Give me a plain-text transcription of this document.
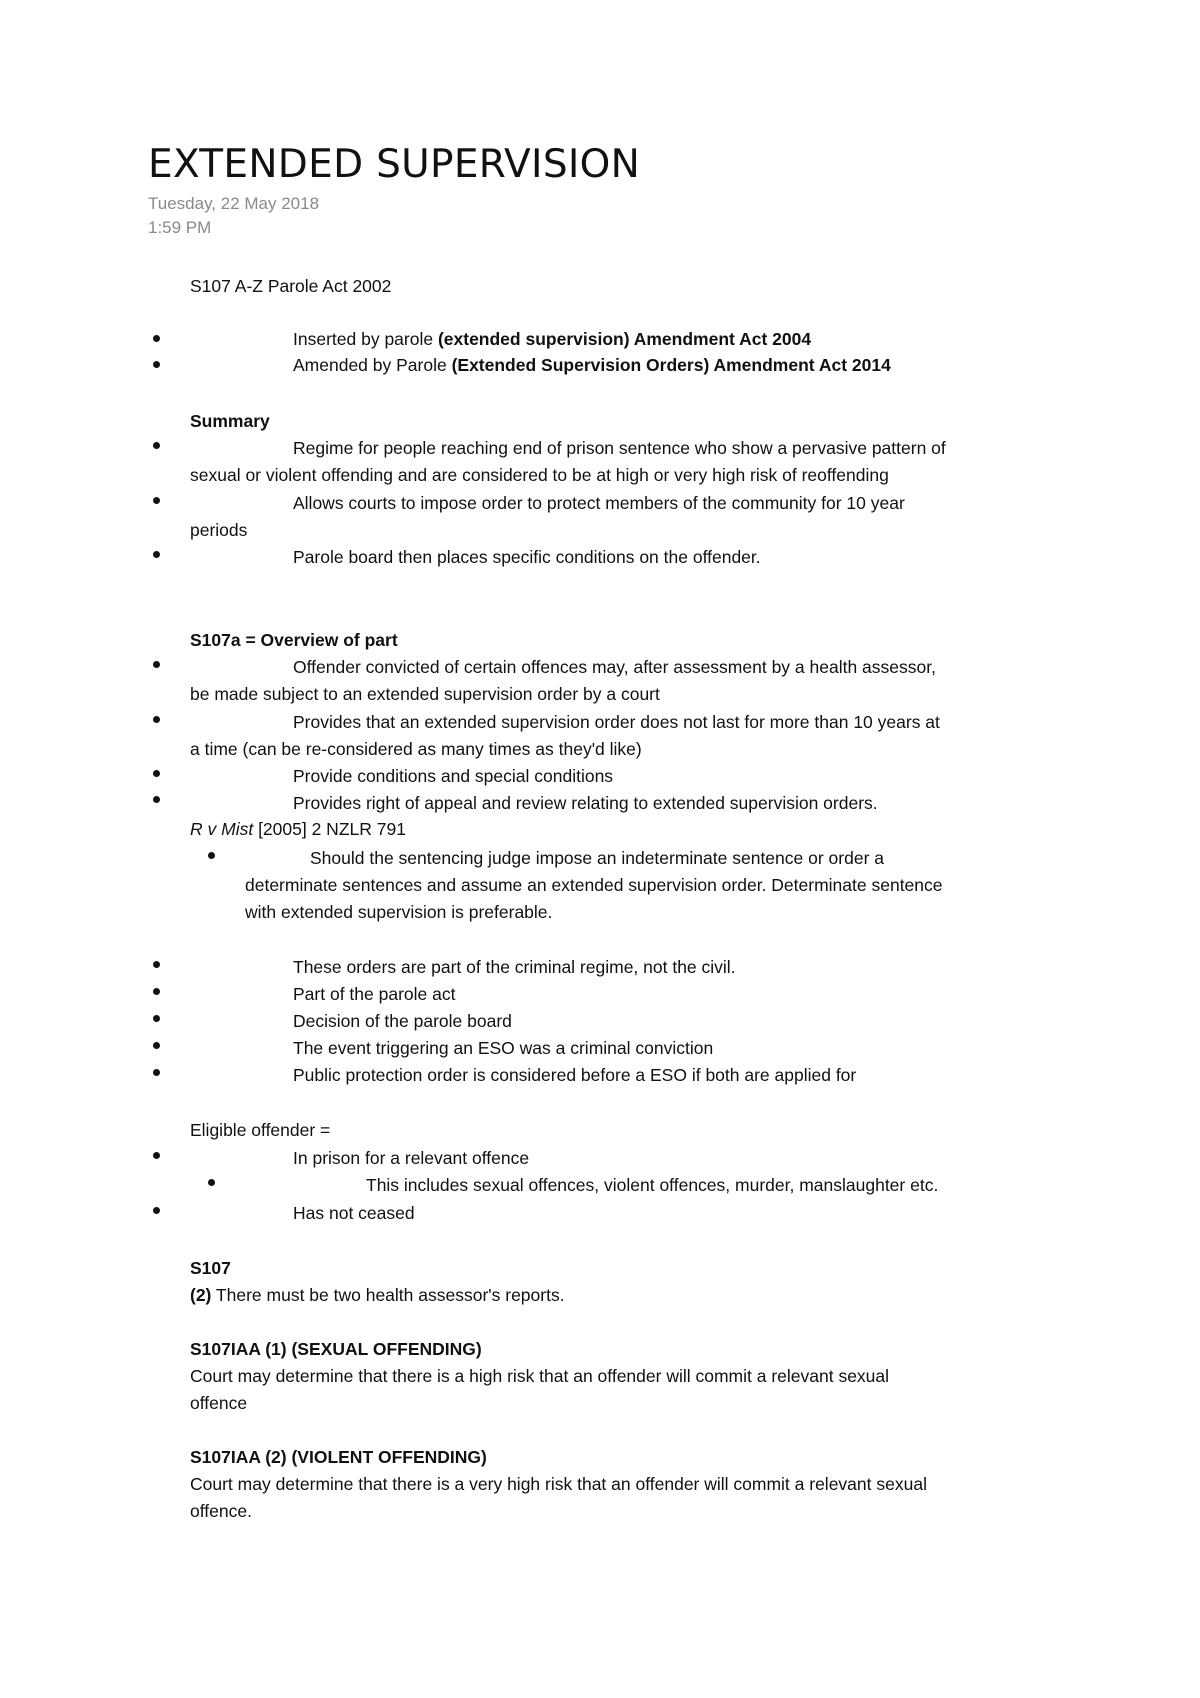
EXTENDED SUPERVISION
Tuesday, 22 May 2018
1:59 PM
S107 A-Z Parole Act 2002
Inserted by parole (extended supervision) Amendment Act 2004
Amended by Parole (Extended Supervision Orders) Amendment Act 2014
Summary
Regime for people reaching end of prison sentence who show a pervasive pattern of
sexual or violent offending and are considered to be at high or very high risk of reoffending
Allows courts to impose order to protect members of the community for 10 year
periods
Parole board then places specific conditions on the offender.
S107a = Overview of part
Offender convicted of certain offences may, after assessment by a health assessor,
be made subject to an extended supervision order by a court
Provides that an extended supervision order does not last for more than 10 years at
a time (can be re-considered as many times as they'd like)
Provide conditions and special conditions
Provides right of appeal and review relating to extended supervision orders.
R v Mist [2005] 2 NZLR 791
Should the sentencing judge impose an indeterminate sentence or order a
determinate sentences and assume an extended supervision order. Determinate sentence
with extended supervision is preferable.
These orders are part of the criminal regime, not the civil.
Part of the parole act
Decision of the parole board
The event triggering an ESO was a criminal conviction
Public protection order is considered before a ESO if both are applied for
Eligible offender =
In prison for a relevant offence
This includes sexual offences, violent offences, murder, manslaughter etc.
Has not ceased
S107
(2) There must be two health assessor's reports.
S107IAA (1) (SEXUAL OFFENDING)
Court may determine that there is a high risk that an offender will commit a relevant sexual
offence
S107IAA (2) (VIOLENT OFFENDING)
Court may determine that there is a very high risk that an offender will commit a relevant sexual
offence.
